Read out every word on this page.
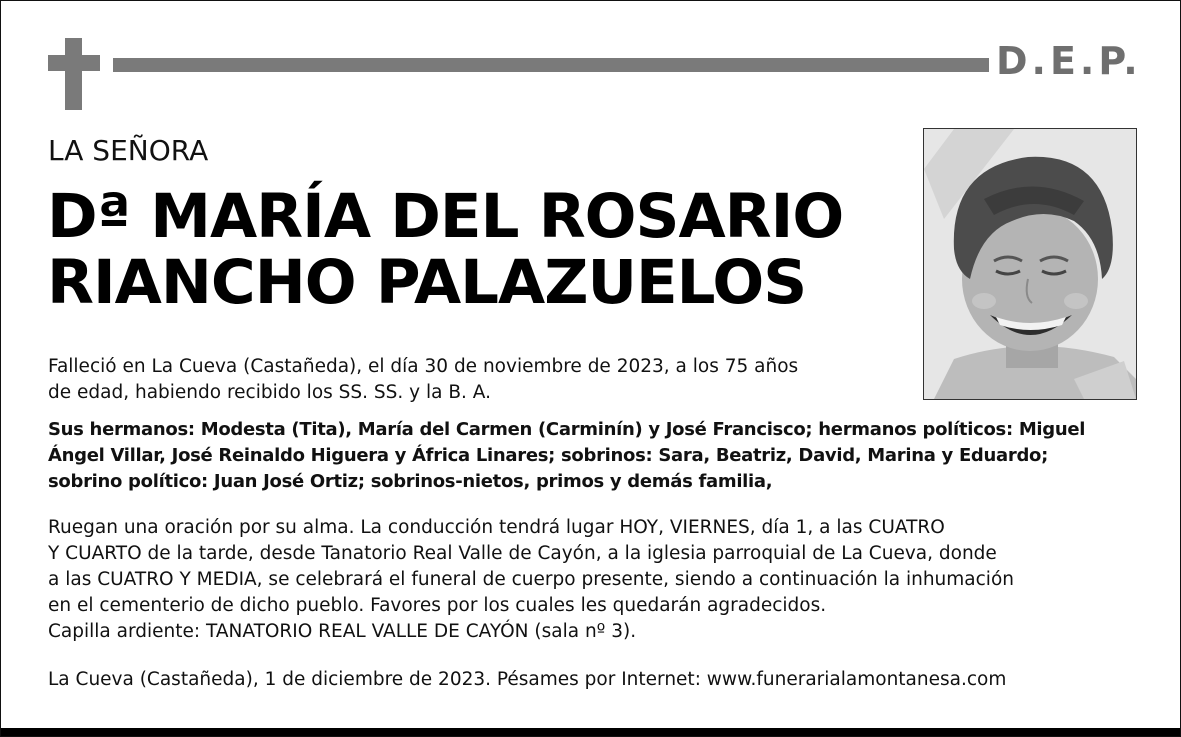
D.E.P.
LA SEÑORA
Dª MARÍA DEL ROSARIO
RIANCHO PALAZUELOS

Falleció en La Cueva (Castañeda), el día 30 de noviembre de 2023, a los 75 años
de edad, habiendo recibido los SS. SS. y la B. A.

Sus hermanos: Modesta (Tita), María del Carmen (Carminín) y José Francisco; hermanos políticos: Miguel
Ángel Villar, José Reinaldo Higuera y África Linares; sobrinos: Sara, Beatriz, David, Marina y Eduardo;
sobrino político: Juan José Ortiz; sobrinos-nietos, primos y demás familia,

Ruegan una oración por su alma. La conducción tendrá lugar HOY, VIERNES, día 1, a las CUATRO
Y CUARTO de la tarde, desde Tanatorio Real Valle de Cayón, a la iglesia parroquial de La Cueva, donde
a las CUATRO Y MEDIA, se celebrará el funeral de cuerpo presente, siendo a continuación la inhumación
en el cementerio de dicho pueblo. Favores por los cuales les quedarán agradecidos.
Capilla ardiente: TANATORIO REAL VALLE DE CAYÓN (sala nº 3).

La Cueva (Castañeda), 1 de diciembre de 2023. Pésames por Internet: www.funerarialamontanesa.com
